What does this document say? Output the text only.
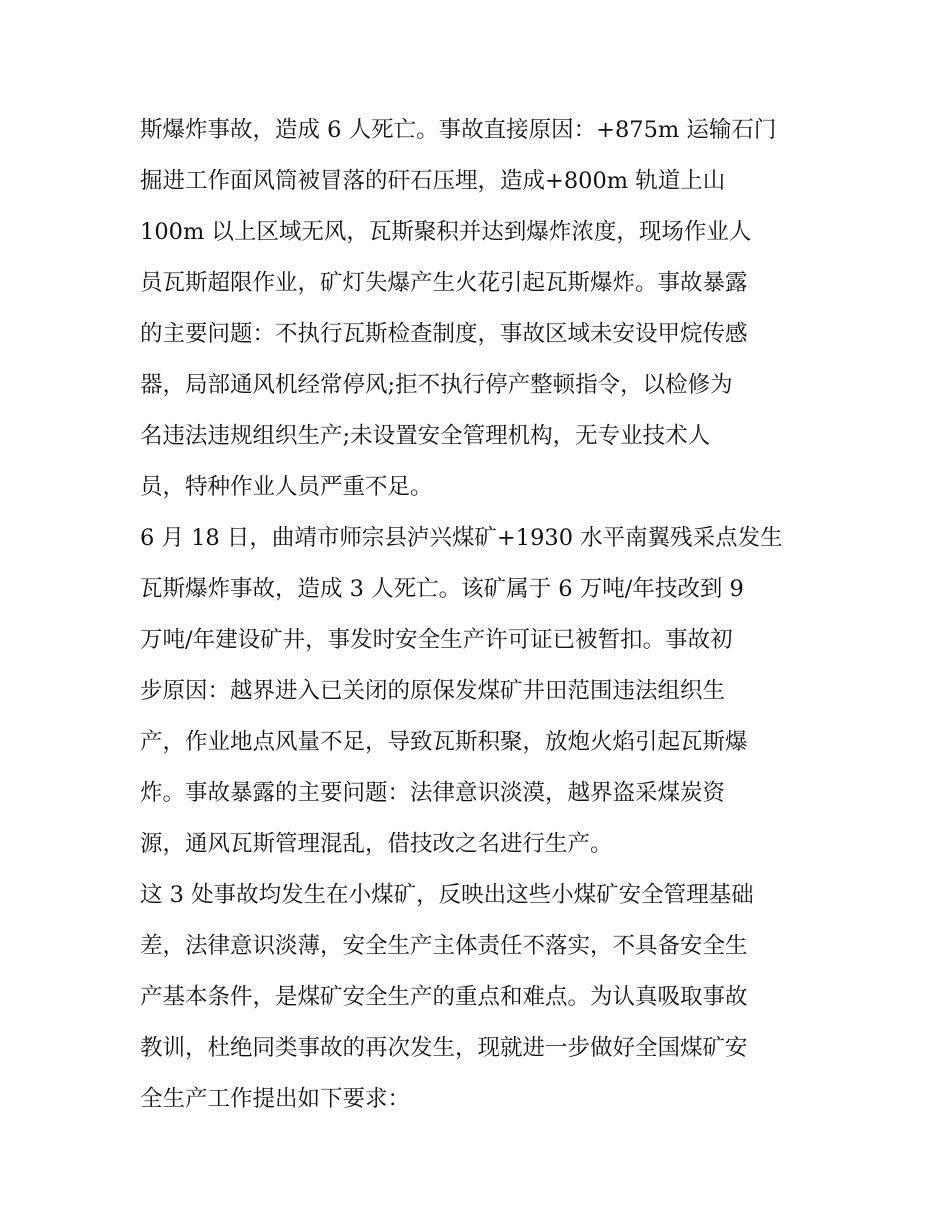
斯爆炸事故，造成 6 人死亡。事故直接原因：+875m 运输石门
掘进工作面风筒被冒落的矸石压埋，造成+800m 轨道上山
100m 以上区域无风，瓦斯聚积并达到爆炸浓度，现场作业人
员瓦斯超限作业，矿灯失爆产生火花引起瓦斯爆炸。事故暴露
的主要问题：不执行瓦斯检查制度，事故区域未安设甲烷传感
器，局部通风机经常停风;拒不执行停产整顿指令，以检修为
名违法违规组织生产;未设置安全管理机构，无专业技术人
员，特种作业人员严重不足。
6 月 18 日，曲靖市师宗县泸兴煤矿+1930 水平南翼残采点发生
瓦斯爆炸事故，造成 3 人死亡。该矿属于 6 万吨/年技改到 9
万吨/年建设矿井，事发时安全生产许可证已被暂扣。事故初
步原因：越界进入已关闭的原保发煤矿井田范围违法组织生
产，作业地点风量不足，导致瓦斯积聚，放炮火焰引起瓦斯爆
炸。事故暴露的主要问题：法律意识淡漠，越界盗采煤炭资
源，通风瓦斯管理混乱，借技改之名进行生产。
这 3 处事故均发生在小煤矿，反映出这些小煤矿安全管理基础
差，法律意识淡薄，安全生产主体责任不落实，不具备安全生
产基本条件，是煤矿安全生产的重点和难点。为认真吸取事故
教训，杜绝同类事故的再次发生，现就进一步做好全国煤矿安
全生产工作提出如下要求：
